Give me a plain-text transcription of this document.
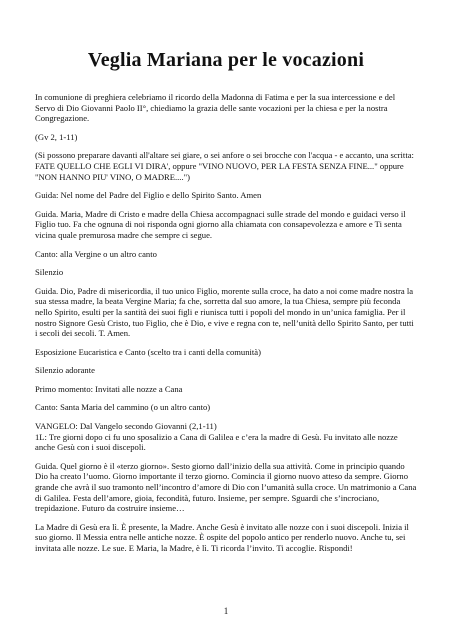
Veglia Mariana per le vocazioni

In comunione di preghiera celebriamo il ricordo della Madonna di Fatima e per la sua intercessione e del Servo di Dio Giovanni Paolo II°, chiediamo la grazia delle sante vocazioni per la chiesa e per la nostra Congregazione.

(Gv 2, 1-11)

(Si possono preparare davanti all'altare sei giare, o sei anfore o sei brocche con l'acqua - e accanto, una scritta: FATE QUELLO CHE EGLI VI DIRA', oppure "VINO NUOVO, PER LA FESTA SENZA FINE..." oppure "NON HANNO PIU' VINO, O MADRE....")

Guida: Nel nome del Padre del Figlio e dello Spirito Santo. Amen

Guida. Maria, Madre di Cristo e madre della Chiesa accompagnaci sulle strade del mondo e guidaci verso il Figlio tuo. Fa che ognuna di noi risponda ogni giorno alla chiamata con consapevolezza e amore e Ti senta vicina quale premurosa madre che sempre ci segue.

Canto: alla Vergine o un altro canto

Silenzio

Guida. Dio, Padre di misericordia, il tuo unico Figlio, morente sulla croce, ha dato a noi come madre nostra la sua stessa madre, la beata Vergine Maria; fa che, sorretta dal suo amore, la tua Chiesa, sempre più feconda nello Spirito, esulti per la santità dei suoi figli e riunisca tutti i popoli del mondo in un’unica famiglia. Per il nostro Signore Gesù Cristo, tuo Figlio, che è Dio, e vive e regna con te, nell’unità dello Spirito Santo, per tutti i secoli dei secoli. T. Amen.

Esposizione Eucaristica e Canto (scelto tra i canti della comunità)

Silenzio adorante

Primo momento: Invitati alle nozze a Cana

Canto: Santa Maria del cammino (o un altro canto)

VANGELO: Dal Vangelo secondo Giovanni (2,1-11)

1L: Tre giorni dopo ci fu uno sposalizio a Cana di Galilea e c’era la madre di Gesù. Fu invitato alle nozze anche Gesù con i suoi discepoli.

Guida. Quel giorno è il «terzo giorno». Sesto giorno dall’inizio della sua attività. Come in principio quando Dio ha creato l’uomo. Giorno importante il terzo giorno. Comincia il giorno nuovo atteso da sempre. Giorno grande che avrà il suo tramonto nell’incontro d’amore di Dio con l’umanità sulla croce. Un matrimonio a Cana di Galilea. Festa dell’amore, gioia, fecondità, futuro. Insieme, per sempre. Sguardi che s’incrociano, trepidazione. Futuro da costruire insieme…

La Madre di Gesù era lì. È presente, la Madre. Anche Gesù è invitato alle nozze con i suoi discepoli. Inizia il suo giorno. Il Messia entra nelle antiche nozze. È ospite del popolo antico per renderlo nuovo. Anche tu, sei invitata alle nozze. Le sue. E Maria, la Madre, è lì. Ti ricorda l’invito. Ti accoglie. Rispondi!

1
